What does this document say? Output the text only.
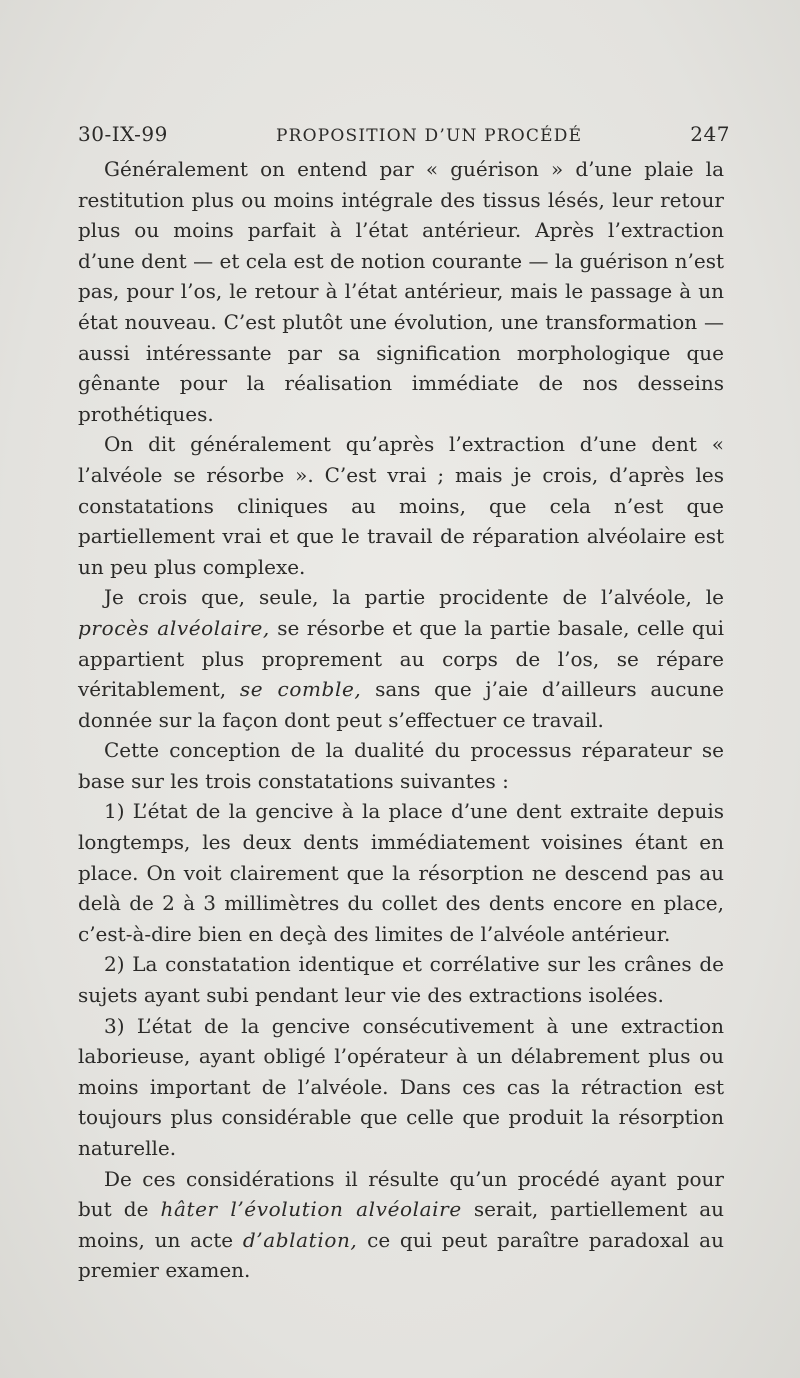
30-IX-99	PROPOSITION D’UN PROCÉDÉ	247

Généralement on entend par « guérison » d’une plaie la restitution plus ou moins intégrale des tissus lésés, leur retour plus ou moins parfait à l’état antérieur. Après l’extraction d’une dent — et cela est de notion courante — la guérison n’est pas, pour l’os, le retour à l’état antérieur, mais le passage à un état nouveau. C’est plutôt une évolution, une transformation — aussi intéressante par sa signification morphologique que gênante pour la réalisation immédiate de nos desseins prothétiques.

On dit généralement qu’après l’extraction d’une dent « l’alvéole se résorbe ». C’est vrai ; mais je crois, d’après les constatations cliniques au moins, que cela n’est que partiellement vrai et que le travail de réparation alvéolaire est un peu plus complexe.

Je crois que, seule, la partie procidente de l’alvéole, le procès alvéolaire, se résorbe et que la partie basale, celle qui appartient plus proprement au corps de l’os, se répare véritablement, se comble, sans que j’aie d’ailleurs aucune donnée sur la façon dont peut s’effectuer ce travail.

Cette conception de la dualité du processus réparateur se base sur les trois constatations suivantes :

1) L’état de la gencive à la place d’une dent extraite depuis longtemps, les deux dents immédiatement voisines étant en place. On voit clairement que la résorption ne descend pas au delà de 2 à 3 millimètres du collet des dents encore en place, c’est-à-dire bien en deçà des limites de l’alvéole antérieur.

2) La constatation identique et corrélative sur les crânes de sujets ayant subi pendant leur vie des extractions isolées.

3) L’état de la gencive consécutivement à une extraction laborieuse, ayant obligé l’opérateur à un délabrement plus ou moins important de l’alvéole. Dans ces cas la rétraction est toujours plus considérable que celle que produit la résorption naturelle.

De ces considérations il résulte qu’un procédé ayant pour but de hâter l’évolution alvéolaire serait, partiellement au moins, un acte d’ablation, ce qui peut paraître paradoxal au premier examen.
